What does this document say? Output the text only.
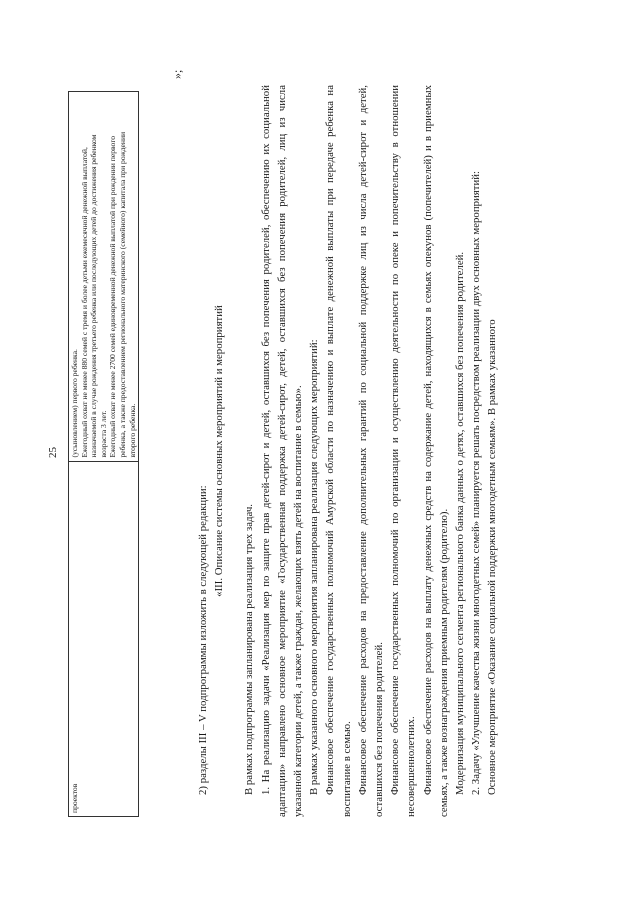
25
проектов	
(усыновлением) первого ребенка. Ежегодный охват не менее 880 семей с тремя и более детьми ежемесячной денежной выплатой, назначаемой в случае рождения третьего ребенка или последующих детей до достижения ребенком возраста 3 лет. Ежегодный охват не менее 2700 семей единовременной денежной выплатой при рождении первого ребенка, а также предоставлением регионального материнского (семейного) капитала при рождении второго ребенка.
»;

2) разделы III – V подпрограммы изложить в следующей редакции:

«III. Описание системы основных мероприятий и мероприятий

В рамках подпрограммы запланирована реализация трех задач. 1. На реализацию задачи «Реализация мер по защите прав детей-сирот и детей, оставшихся без попечения родителей, обеспечению их социальной адаптации» направлено основное мероприятие «Государственная поддержка детей-сирот, детей, оставшихся без попечения родителей, лиц из числа указанной категории детей, а также граждан, желающих взять детей на воспитание в семью». В рамках указанного основного мероприятия запланирована реализация следующих мероприятий: Финансовое обеспечение государственных полномочий Амурской области по назначению и выплате денежной выплаты при передаче ребенка на воспитание в семью. Финансовое обеспечение расходов на предоставление дополнительных гарантий по социальной поддержке лиц из числа детей-сирот и детей, оставшихся без попечения родителей. Финансовое обеспечение государственных полномочий по организации и осуществлению деятельности по опеке и попечительству в отношении несовершеннолетних. Финансовое обеспечение расходов на выплату денежных средств на содержание детей, находящихся в семьях опекунов (попечителей) и в приемных семьях, а также вознаграждения приемным родителям (родителю). Модернизация муниципального сегмента регионального банка данных о детях, оставшихся без попечения родителей. 2. Задачу «Улучшение качества жизни многодетных семей» планируется решать посредством реализации двух основных мероприятий: Основное мероприятие «Оказание социальной поддержки многодетным семьям». В рамках указанного
